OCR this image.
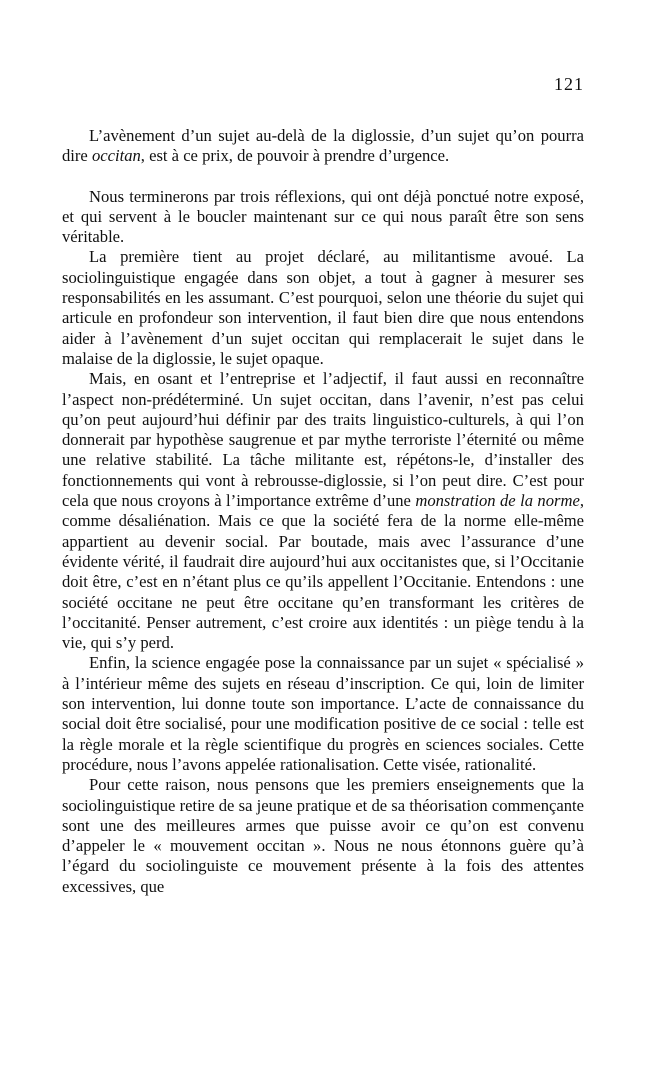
121

L’avènement d’un sujet au-delà de la diglossie, d’un sujet qu’on pourra dire occitan, est à ce prix, de pouvoir à prendre d’urgence.

Nous terminerons par trois réflexions, qui ont déjà ponctué notre exposé, et qui servent à le boucler maintenant sur ce qui nous paraît être son sens véritable.

La première tient au projet déclaré, au militantisme avoué. La sociolinguistique engagée dans son objet, a tout à gagner à mesurer ses responsabilités en les assumant. C’est pourquoi, selon une théorie du sujet qui articule en profondeur son intervention, il faut bien dire que nous entendons aider à l’avènement d’un sujet occitan qui remplacerait le sujet dans le malaise de la diglossie, le sujet opaque.

Mais, en osant et l’entreprise et l’adjectif, il faut aussi en reconnaître l’aspect non-prédéterminé. Un sujet occitan, dans l’avenir, n’est pas celui qu’on peut aujourd’hui définir par des traits linguistico-culturels, à qui l’on donnerait par hypothèse saugrenue et par mythe terroriste l’éternité ou même une relative stabilité. La tâche militante est, répétons-le, d’installer des fonctionnements qui vont à rebrousse-diglossie, si l’on peut dire. C’est pour cela que nous croyons à l’importance extrême d’une monstration de la norme, comme désaliénation. Mais ce que la société fera de la norme elle-même appartient au devenir social. Par boutade, mais avec l’assurance d’une évidente vérité, il faudrait dire aujourd’hui aux occitanistes que, si l’Occitanie doit être, c’est en n’étant plus ce qu’ils appellent l’Occitanie. Entendons : une société occitane ne peut être occitane qu’en transformant les critères de l’occitanité. Penser autrement, c’est croire aux identités : un piège tendu à la vie, qui s’y perd.

Enfin, la science engagée pose la connaissance par un sujet « spécialisé » à l’intérieur même des sujets en réseau d’inscription. Ce qui, loin de limiter son intervention, lui donne toute son importance. L’acte de connaissance du social doit être socialisé, pour une modification positive de ce social : telle est la règle morale et la règle scientifique du progrès en sciences sociales. Cette procédure, nous l’avons appelée rationalisation. Cette visée, rationalité.

Pour cette raison, nous pensons que les premiers enseignements que la sociolinguistique retire de sa jeune pratique et de sa théorisation commençante sont une des meilleures armes que puisse avoir ce qu’on est convenu d’appeler le « mouvement occitan ». Nous ne nous étonnons guère qu’à l’égard du sociolinguiste ce mouvement présente à la fois des attentes excessives, que
